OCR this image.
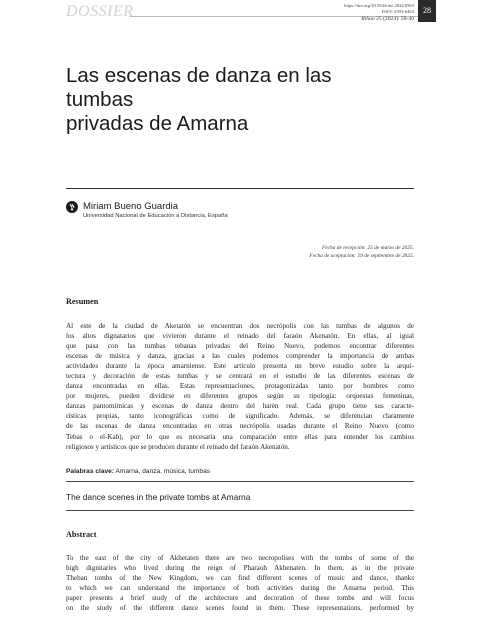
DOSSIER	https://doi.org/10.5944/rhe.2024.8563
ISSN: 0393-6463
Rihao 25 (2024): 28-40
28
Las escenas de danza en las tumbas
privadas de Amarna
Miriam Bueno Guardia
Universidad Nacional de Educación a Distancia, España
Fecha de recepción: 25 de marzo de 2025.
Fecha de aceptación: 19 de septiembre de 2025.
Resumen
Al este de la ciudad de Aketatón se encuentran dos necrópolis con las tumbas de algunos de
los altos dignatarios que vivieron durante el reinado del faraón Akenatón. En ellas, al igual
que pasa con las tumbas tebanas privadas del Reino Nuevo, podemos encontrar diferentes
escenas de música y danza, gracias a las cuales podemos comprender la importancia de ambas
actividades durante la época amarniense. Este artículo presenta un breve estudio sobre la arqui-
tectura y decoración de estas tumbas y se centrará en el estudio de las diferentes escenas de
danza encontradas en ellas. Estas representaciones, protagonizadas tanto por hombres como
por mujeres, pueden dividirse en diferentes grupos según su tipología: orquestas femeninas,
danzas pantomímicas y escenas de danza dentro del harén real. Cada grupo tiene sus caracte-
rísticas propias, tanto iconográficas como de significado. Además, se diferencian claramente
de las escenas de danza encontradas en otras necrópolis usadas durante el Reino Nuevo (como
Tebas o el-Kab), por lo que es necesaria una comparación entre ellas para entender los cambios
religiosos y artísticos que se producen durante el reinado del faraón Akenatón.
Palabras clave: Amarna, danza, música, tumbas
The dance scenes in the private tombs at Amarna
Abstract
To the east of the city of Akhetaten there are two necropolises with the tombs of some of the
high dignitaries who lived during the reign of Pharaoh Akhenaten. In them, as in the private
Theban tombs of the New Kingdom, we can find different scenes of music and dance, thanks
to which we can understand the importance of both activities during the Amarna period. This
paper presents a brief study of the architecture and decoration of these tombs and will focus
on the study of the different dance scenes found in them. These representations, performed by
